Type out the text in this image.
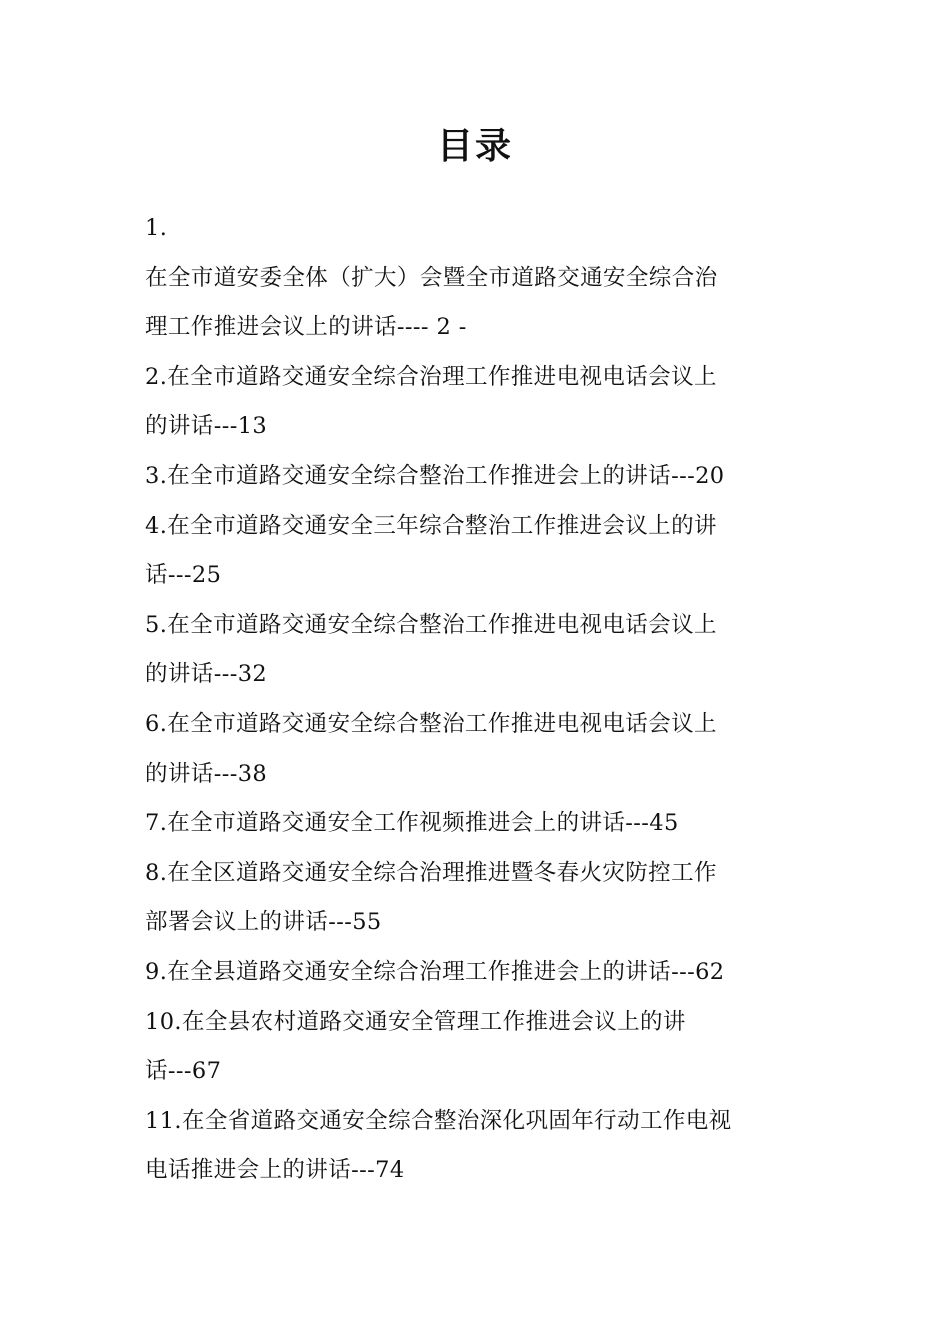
目录
1.
在全市道安委全体（扩大）会暨全市道路交通安全综合治
理工作推进会议上的讲话---- 2 -
2.在全市道路交通安全综合治理工作推进电视电话会议上
的讲话---13
3.在全市道路交通安全综合整治工作推进会上的讲话---20
4.在全市道路交通安全三年综合整治工作推进会议上的讲
话---25
5.在全市道路交通安全综合整治工作推进电视电话会议上
的讲话---32
6.在全市道路交通安全综合整治工作推进电视电话会议上
的讲话---38
7.在全市道路交通安全工作视频推进会上的讲话---45
8.在全区道路交通安全综合治理推进暨冬春火灾防控工作
部署会议上的讲话---55
9.在全县道路交通安全综合治理工作推进会上的讲话---62
10.在全县农村道路交通安全管理工作推进会议上的讲
话---67
11.在全省道路交通安全综合整治深化巩固年行动工作电视
电话推进会上的讲话---74
